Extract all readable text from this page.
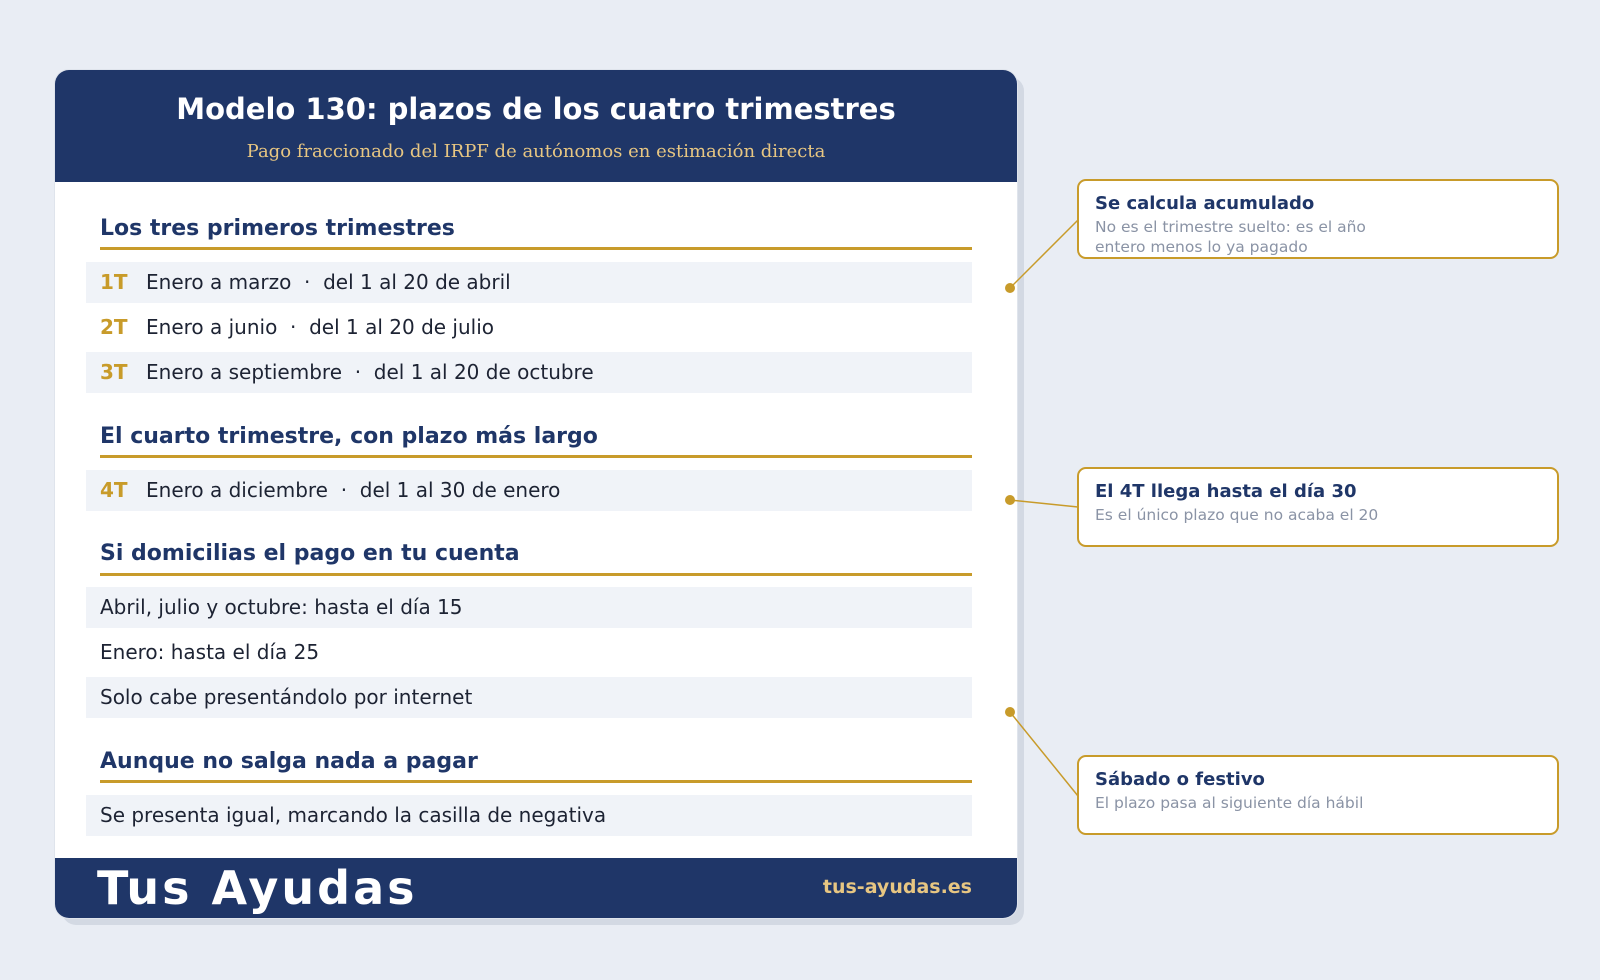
Modelo 130: plazos de los cuatro trimestres
Pago fraccionado del IRPF de autónomos en estimación directa
Los tres primeros trimestres
1T Enero a marzo  ·  del 1 al 20 de abril
2T Enero a junio  ·  del 1 al 20 de julio
3T Enero a septiembre  ·  del 1 al 20 de octubre
El cuarto trimestre, con plazo más largo
4T Enero a diciembre  ·  del 1 al 30 de enero
Si domicilias el pago en tu cuenta
Abril, julio y octubre: hasta el día 15
Enero: hasta el día 25
Solo cabe presentándolo por internet
Aunque no salga nada a pagar
Se presenta igual, marcando la casilla de negativa
Tus Ayudas	tus-ayudas.es
Se calcula acumulado
No es el trimestre suelto: es el año entero menos lo ya pagado
El 4T llega hasta el día 30
Es el único plazo que no acaba el 20
Sábado o festivo
El plazo pasa al siguiente día hábil
